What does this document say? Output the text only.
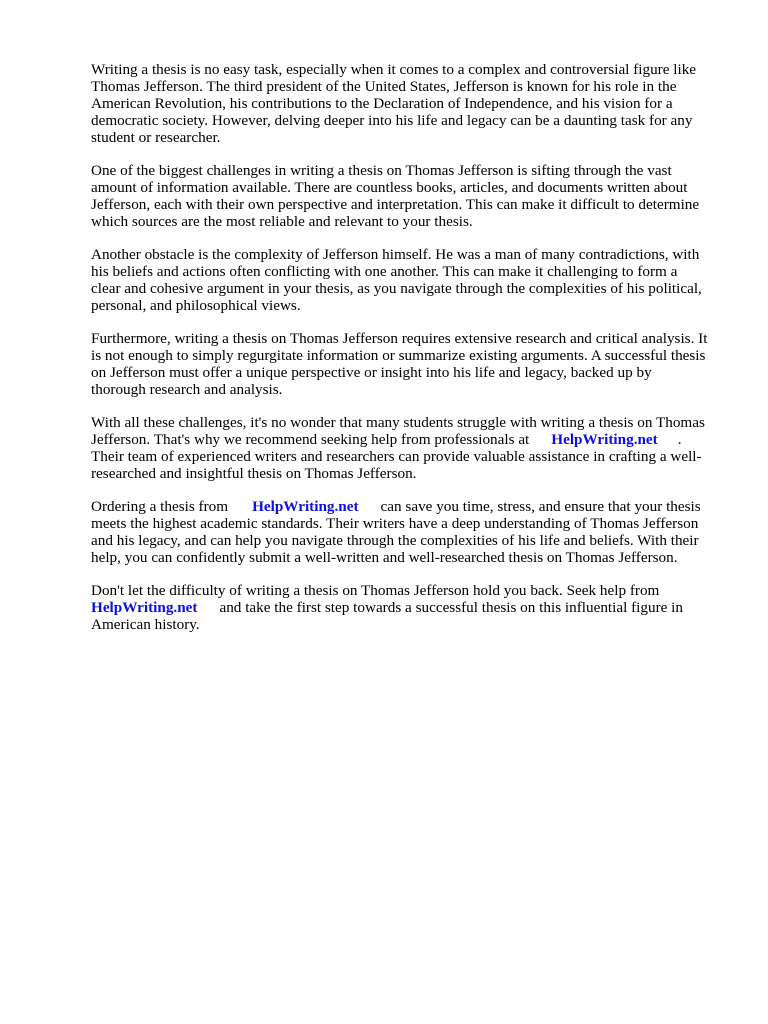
Writing a thesis is no easy task, especially when it comes to a complex and controversial figure like
Thomas Jefferson. The third president of the United States, Jefferson is known for his role in the
American Revolution, his contributions to the Declaration of Independence, and his vision for a
democratic society. However, delving deeper into his life and legacy can be a daunting task for any
student or researcher.

One of the biggest challenges in writing a thesis on Thomas Jefferson is sifting through the vast
amount of information available. There are countless books, articles, and documents written about
Jefferson, each with their own perspective and interpretation. This can make it difficult to determine
which sources are the most reliable and relevant to your thesis.

Another obstacle is the complexity of Jefferson himself. He was a man of many contradictions, with
his beliefs and actions often conflicting with one another. This can make it challenging to form a
clear and cohesive argument in your thesis, as you navigate through the complexities of his political,
personal, and philosophical views.

Furthermore, writing a thesis on Thomas Jefferson requires extensive research and critical analysis. It
is not enough to simply regurgitate information or summarize existing arguments. A successful thesis
on Jefferson must offer a unique perspective or insight into his life and legacy, backed up by
thorough research and analysis.

With all these challenges, it's no wonder that many students struggle with writing a thesis on Thomas
Jefferson. That's why we recommend seeking help from professionals at HelpWriting.net .
Their team of experienced writers and researchers can provide valuable assistance in crafting a well-
researched and insightful thesis on Thomas Jefferson.

Ordering a thesis from HelpWriting.net can save you time, stress, and ensure that your thesis
meets the highest academic standards. Their writers have a deep understanding of Thomas Jefferson
and his legacy, and can help you navigate through the complexities of his life and beliefs. With their
help, you can confidently submit a well-written and well-researched thesis on Thomas Jefferson.

Don't let the difficulty of writing a thesis on Thomas Jefferson hold you back. Seek help from
HelpWriting.net and take the first step towards a successful thesis on this influential figure in
American history.
